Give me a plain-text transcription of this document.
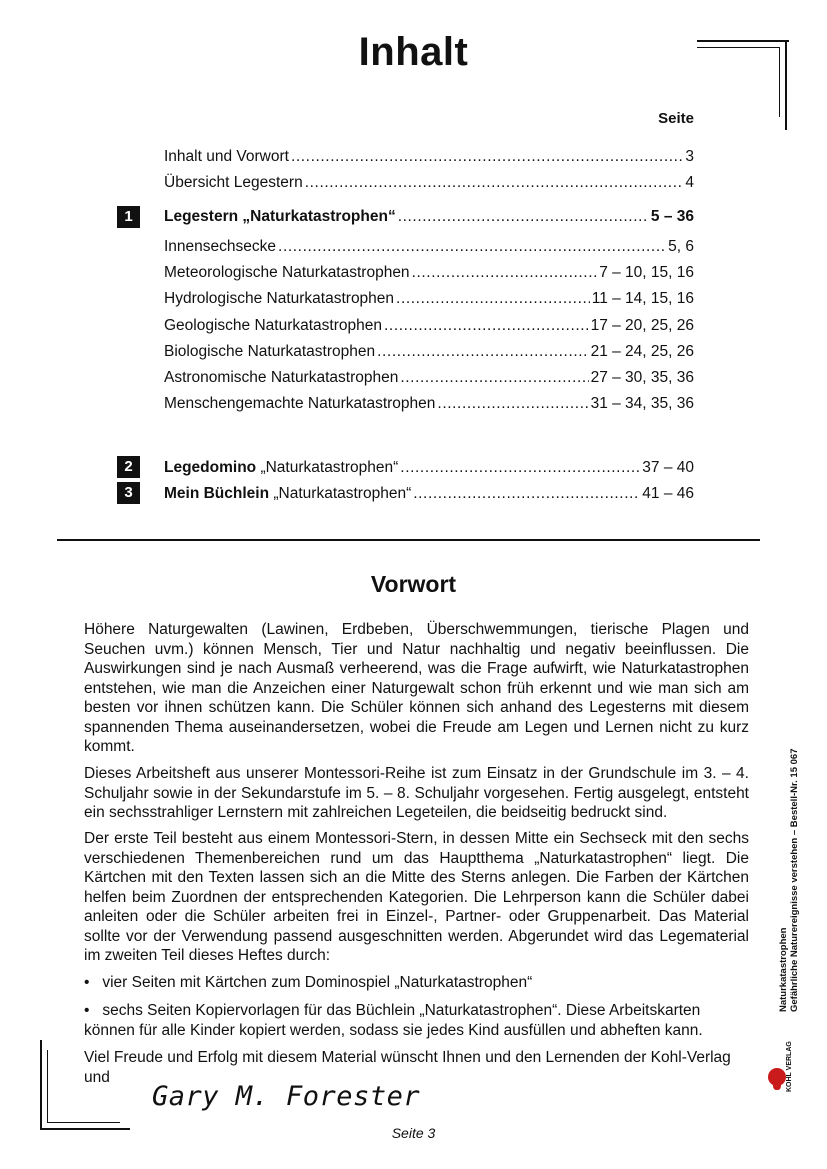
Inhalt
Seite
Inhalt und Vorwort .....	3
Übersicht Legestern .....	4
1	Legestern „Naturkatastrophen“ .....	5 – 36
Innensechsecke .....	5, 6
Meteorologische Naturkatastrophen .....	7 – 10, 15, 16
Hydrologische Naturkatastrophen .....	11 – 14, 15, 16
Geologische Naturkatastrophen .....	17 – 20, 25, 26
Biologische Naturkatastrophen .....	21 – 24, 25, 26
Astronomische Naturkatastrophen .....	27 – 30, 35, 36
Menschengemachte Naturkatastrophen .....	31 – 34, 35, 36
2	Legedomino „Naturkatastrophen“ .....	37 – 40
3	Mein Büchlein „Naturkatastrophen“ .....	41 – 46
Vorwort

Höhere Naturgewalten (Lawinen, Erdbeben, Überschwemmungen, tierische Plagen und Seuchen uvm.) können Mensch, Tier und Natur nachhaltig und negativ beeinflussen. Die Auswirkungen sind je nach Ausmaß verheerend, was die Frage aufwirft, wie Naturkatastrophen entstehen, wie man die Anzeichen einer Naturgewalt schon früh erkennt und wie man sich am besten vor ihnen schützen kann. Die Schüler können sich anhand des Legesterns mit diesem spannenden Thema auseinandersetzen, wobei die Freude am Legen und Lernen nicht zu kurz kommt.

Dieses Arbeitsheft aus unserer Montessori-Reihe ist zum Einsatz in der Grundschule im 3. – 4. Schuljahr sowie in der Sekundarstufe im 5. – 8. Schuljahr vorgesehen. Fertig ausgelegt, entsteht ein sechsstrahliger Lernstern mit zahlreichen Legeteilen, die beidseitig bedruckt sind.

Der erste Teil besteht aus einem Montessori-Stern, in dessen Mitte ein Sechseck mit den sechs verschiedenen Themenbereichen rund um das Hauptthema „Naturkatastrophen“ liegt. Die Kärtchen mit den Texten lassen sich an die Mitte des Sterns anlegen. Die Farben der Kärtchen helfen beim Zuordnen der entsprechenden Kategorien. Die Lehrperson kann die Schüler dabei anleiten oder die Schüler arbeiten frei in Einzel-, Partner- oder Gruppenarbeit. Das Material sollte vor der Verwendung passend ausgeschnitten werden. Abgerundet wird das Legematerial im zweiten Teil dieses Heftes durch:

•   vier Seiten mit Kärtchen zum Dominospiel „Naturkatastrophen“
•   sechs Seiten Kopiervorlagen für das Büchlein „Naturkatastrophen“. Diese Arbeitskarten können für alle Kinder kopiert werden, sodass sie jedes Kind ausfüllen und abheften kann.

Viel Freude und Erfolg mit diesem Material wünscht Ihnen und den Lernenden der Kohl-Verlag und

Gary M. Forester
Seite 3
Naturkatastrophen Gefährliche Naturereignisse verstehen – Bestell-Nr. 15 067
KOHL VERLAG
